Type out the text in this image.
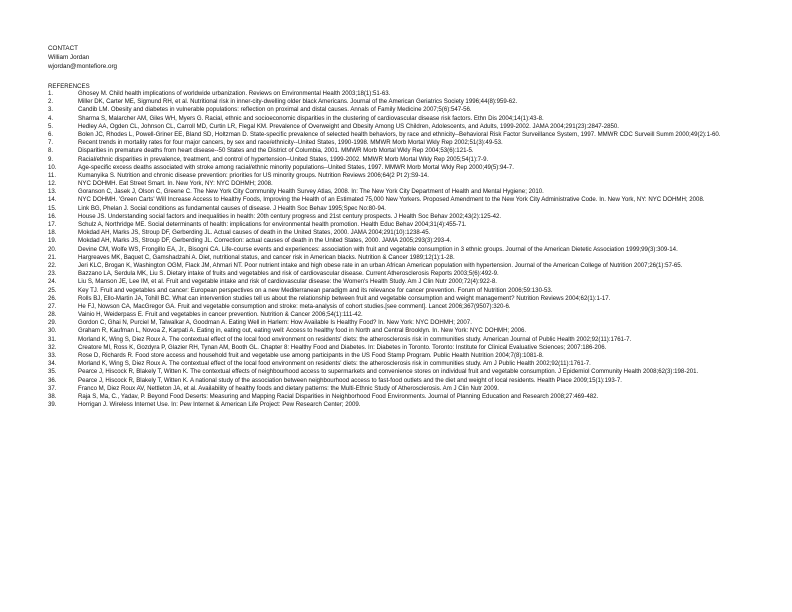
CONTACT
William Jordan
wjordan@montefiore.org
REFERENCES
1.	Ghosey M. Child health implications of worldwide urbanization. Reviews on Environmental Health 2003;18(1):51-63.
2.	Miller DK, Carter ME, Sigmund RH, et al. Nutritional risk in inner-city-dwelling older black Americans. Journal of the American Geriatrics Society 1996;44(8):959-62.
3.	Candib LM. Obesity and diabetes in vulnerable populations: reflection on proximal and distal causes. Annals of Family Medicine 2007;5(6):547-56.
4.	Sharma S, Malarcher AM, Giles WH, Myers G. Racial, ethnic and socioeconomic disparities in the clustering of cardiovascular disease risk factors. Ethn Dis 2004;14(1):43-8.
5.	Hedley AA, Ogden CL, Johnson CL, Carroll MD, Curtin LR, Flegal KM. Prevalence of Overweight and Obesity Among US Children, Adolescents, and Adults, 1999-2002. JAMA 2004;291(23):2847-2850.
6.	Bolen JC, Rhodes L, Powell-Griner EE, Bland SD, Holtzman D. State-specific prevalence of selected health behaviors, by race and ethnicity--Behavioral Risk Factor Surveillance System, 1997. MMWR CDC Surveill Summ 2000;49(2):1-60.
7.	Recent trends in mortality rates for four major cancers, by sex and race/ethnicity--United States, 1990-1998. MMWR Morb Mortal Wkly Rep 2002;51(3):49-53.
8.	Disparities in premature deaths from heart disease--50 States and the District of Columbia, 2001. MMWR Morb Mortal Wkly Rep 2004;53(6):121-5.
9.	Racial/ethnic disparities in prevalence, treatment, and control of hypertension--United States, 1999-2002. MMWR Morb Mortal Wkly Rep 2005;54(1):7-9.
10.	Age-specific excess deaths associated with stroke among racial/ethnic minority populations--United States, 1997. MMWR Morb Mortal Wkly Rep 2000;49(5):94-7.
11.	Kumanyika S. Nutrition and chronic disease prevention: priorities for US minority groups. Nutrition Reviews 2006;64(2 Pt 2):S9-14.
12.	NYC DOHMH. Eat Street Smart. In. New York, NY: NYC DOHMH; 2008.
13.	Goranson C, Jasek J, Olson C, Greene C. The New York City Community Health Survey Atlas, 2008. In: The New York City Department of Health and Mental Hygiene; 2010.
14.	NYC DOHMH. 'Green Carts' Will Increase Access to Healthy Foods, Improving the Health of an Estimated 75,000 New Yorkers. Proposed Amendment to the New York City Administrative Code. In. New York, NY: NYC DOHMH; 2008.
15.	Link BG, Phelan J. Social conditions as fundamental causes of disease. J Health Soc Behav 1995;Spec No:80-94.
16.	House JS. Understanding social factors and inequalities in health: 20th century progress and 21st century prospects. J Health Soc Behav 2002;43(2):125-42.
17.	Schulz A, Northridge ME. Social determinants of health: implications for environmental health promotion. Health Educ Behav 2004;31(4):455-71.
18.	Mokdad AH, Marks JS, Stroup DF, Gerberding JL. Actual causes of death in the United States, 2000. JAMA 2004;291(10):1238-45.
19.	Mokdad AH, Marks JS, Stroup DF, Gerberding JL. Correction: actual causes of death in the United States, 2000. JAMA 2005;293(3):293-4.
20.	Devine CM, Wolfe WS, Frongillo EA, Jr., Bisogni CA. Life-course events and experiences: association with fruit and vegetable consumption in 3 ethnic groups. Journal of the American Dietetic Association 1999;99(3):309-14.
21.	Hargreaves MK, Baquet C, Gamshadzahi A. Diet, nutritional status, and cancer risk in American blacks. Nutrition & Cancer 1989;12(1):1-28.
22.	Jeri KLC, Brogan K, Washington OGM, Flack JM, Ahmari NT. Poor nutrient intake and high obese rate in an urban African American population with hypertension. Journal of the American College of Nutrition 2007;26(1):57-65.
23.	Bazzano LA, Serdula MK, Liu S. Dietary intake of fruits and vegetables and risk of cardiovascular disease. Current Atherosclerosis Reports 2003;5(6):492-9.
24.	Liu S, Manson JE, Lee IM, et al. Fruit and vegetable intake and risk of cardiovascular disease: the Women's Health Study. Am J Clin Nutr 2000;72(4):922-8.
25.	Key TJ. Fruit and vegetables and cancer: European perspectives on a new Mediterranean paradigm and its relevance for cancer prevention. Forum of Nutrition 2006;59:130-53.
26.	Rolls BJ, Ello-Martin JA, Tohill BC. What can intervention studies tell us about the relationship between fruit and vegetable consumption and weight management? Nutrition Reviews 2004;62(1):1-17.
27.	He FJ, Nowson CA, MacGregor GA. Fruit and vegetable consumption and stroke: meta-analysis of cohort studies.[see comment]. Lancet 2006;367(9507):320-6.
28.	Vainio H, Weiderpass E. Fruit and vegetables in cancer prevention. Nutrition & Cancer 2006;54(1):111-42.
29.	Gordon C, Ghai N, Purciel M, Talwalkar A, Goodman A. Eating Well in Harlem: How Available Is Healthy Food? In. New York: NYC DOHMH; 2007.
30.	Graham R, Kaufman L, Novoa Z, Karpati A. Eating in, eating out, eating well: Access to healthy food in North and Central Brooklyn. In. New York: NYC DOHMH; 2006.
31.	Morland K, Wing S, Diez Roux A. The contextual effect of the local food environment on residents' diets: the atherosclerosis risk in communities study. American Journal of Public Health 2002;92(11):1761-7.
32.	Creatore MI, Ross K, Gozdyra P, Glazier RH, Tynan AM, Booth GL. Chapter 8: Healthy Food and Diabetes. In: Diabetes in Toronto. Toronto: Institute for Clinical Evaluative Sciences; 2007:186-206.
33.	Rose D, Richards R. Food store access and household fruit and vegetable use among participants in the US Food Stamp Program. Public Health Nutrition 2004;7(8):1081-8.
34.	Morland K, Wing S, Diez Roux A. The contextual effect of the local food environment on residents' diets: the atherosclerosis risk in communities study. Am J Public Health 2002;92(11):1761-7.
35.	Pearce J, Hiscock R, Blakely T, Witten K. The contextual effects of neighbourhood access to supermarkets and convenience stores on individual fruit and vegetable consumption. J Epidemiol Community Health 2008;62(3):198-201.
36.	Pearce J, Hiscock R, Blakely T, Witten K. A national study of the association between neighbourhood access to fast-food outlets and the diet and weight of local residents. Health Place 2009;15(1):193-7.
37.	Franco M, Diez Roux AV, Nettleton JA, et al. Availability of healthy foods and dietary patterns: the Multi-Ethnic Study of Atherosclerosis. Am J Clin Nutr 2009.
38.	Raja S, Ma, C., Yadav, P. Beyond Food Deserts: Measuring and Mapping Racial Disparities in Neighborhood Food Environments. Journal of Planning Education and Research 2008;27:469-482.
39.	Horrigan J. Wireless Internet Use. In: Pew Internet & American Life Project: Pew Research Center; 2009.
